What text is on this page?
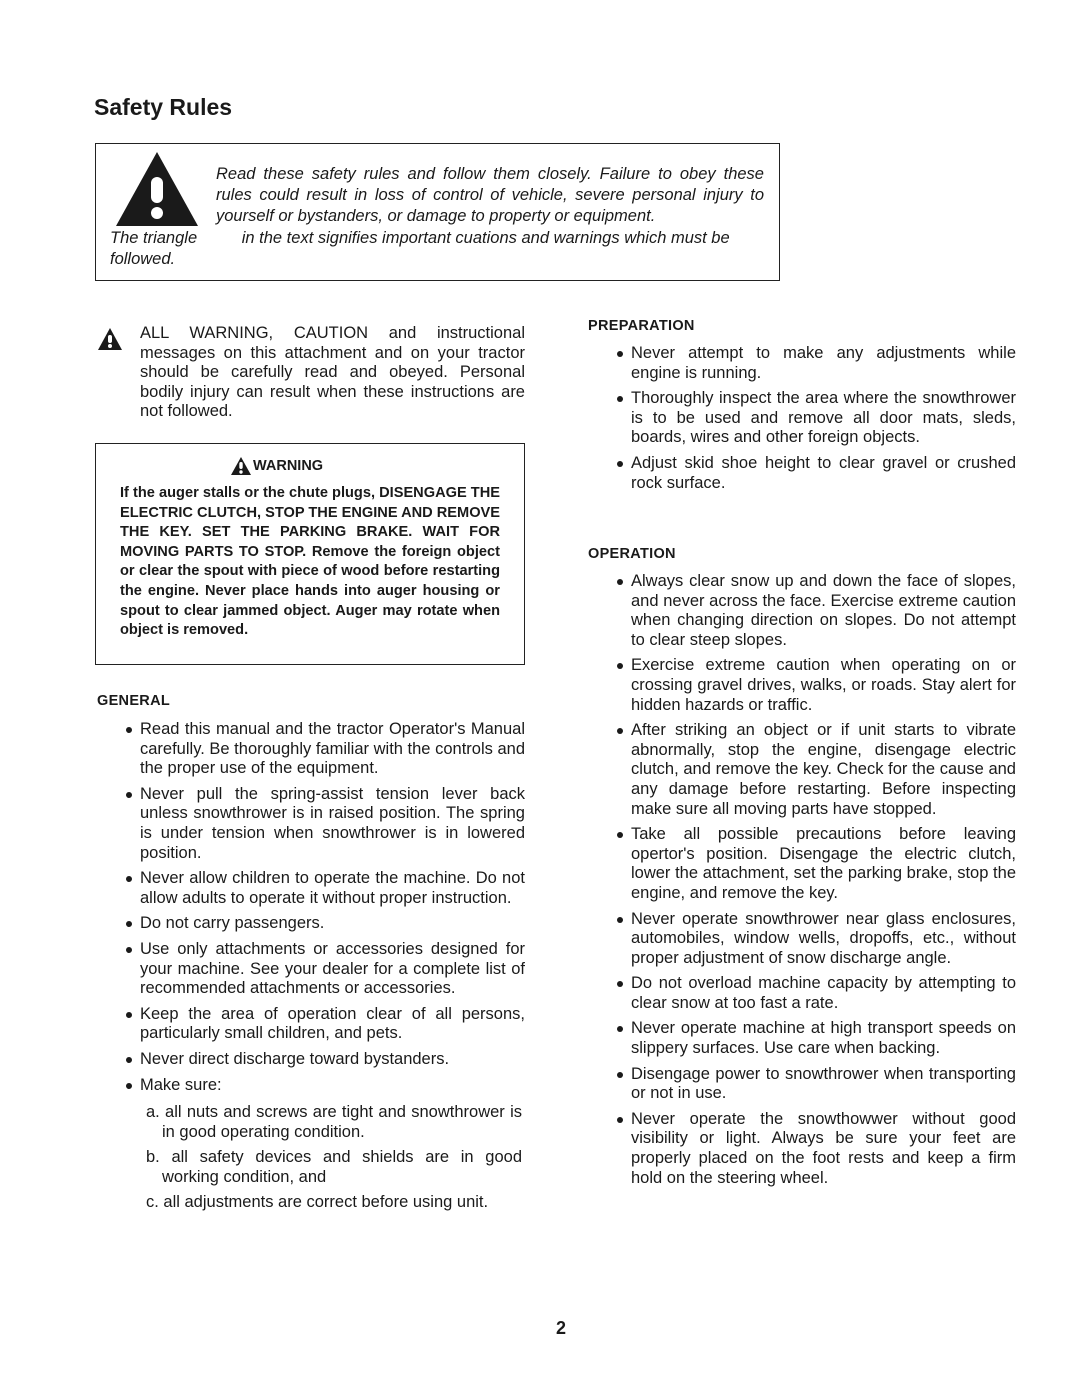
Safety Rules
Read these safety rules and follow them closely. Failure to obey these rules could result in loss of control of vehicle, severe personal injury to yourself or bystanders, or damage to property or equipment.
The triangle	in the text signifies important cuations and warnings which must be followed.
ALL WARNING, CAUTION and instructional messages on this attachment and on your tractor should be carefully read and obeyed. Personal bodily injury can result when these instructions are not followed.
WARNING
If the auger stalls or the chute plugs, DISENGAGE THE ELECTRIC CLUTCH, STOP THE ENGINE AND REMOVE THE KEY. SET THE PARKING BRAKE. WAIT FOR MOVING PARTS TO STOP. Remove the foreign object or clear the spout with piece of wood before restarting the engine. Never place hands into auger housing or spout to clear jammed object. Auger may rotate when object is removed.
GENERAL
Read this manual and the tractor Operator's Manual carefully. Be thoroughly familiar with the controls and the proper use of the equipment.
Never pull the spring-assist tension lever back unless snowthrower is in raised position. The spring is under tension when snowthrower is in lowered position.
Never allow children to operate the machine. Do not allow adults to operate it without proper instruction.
Do not carry passengers.
Use only attachments or accessories designed for your machine. See your dealer for a complete list of recommended attachments or accessories.
Keep the area of operation clear of all persons, particularly small children, and pets.
Never direct discharge toward bystanders.
Make sure:
a. all nuts and screws are tight and snowthrower is in good operating condition.
b. all safety devices and shields are in good working condition, and
c. all adjustments are correct before using unit.
PREPARATION
Never attempt to make any adjustments while engine is running.
Thoroughly inspect the area where the snowthrower is to be used and remove all door mats, sleds, boards, wires and other foreign objects.
Adjust skid shoe height to clear gravel or crushed rock surface.
OPERATION
Always clear snow up and down the face of slopes, and never across the face. Exercise extreme caution when changing direction on slopes. Do not attempt to clear steep slopes.
Exercise extreme caution when operating on or crossing gravel drives, walks, or roads. Stay alert for hidden hazards or traffic.
After striking an object or if unit starts to vibrate abnormally, stop the engine, disengage electric clutch, and remove the key. Check for the cause and any damage before restarting. Before inspecting make sure all moving parts have stopped.
Take all possible precautions before leaving opertor's position. Disengage the electric clutch, lower the attachment, set the parking brake, stop the engine, and remove the key.
Never operate snowthrower near glass enclosures, automobiles, window wells, dropoffs, etc., without proper adjustment of snow discharge angle.
Do not overload machine capacity by attempting to clear snow at too fast a rate.
Never operate machine at high transport speeds on slippery surfaces. Use care when backing.
Disengage power to snowthrower when transporting or not in use.
Never operate the snowthowwer without good visibility or light. Always be sure your feet are properly placed on the foot rests and keep a firm hold on the steering wheel.
2
